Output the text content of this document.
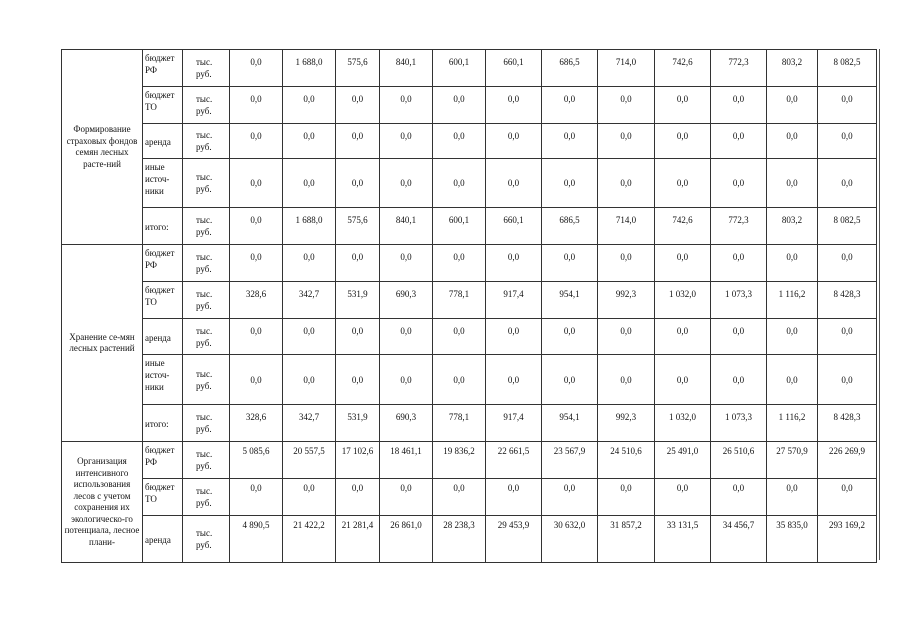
Формирование страховых фондов семян лесных расте-ний	бюджет РФ	тыс. руб.	0,0	1 688,0	575,6	840,1	600,1	660,1	686,5	714,0	742,6	772,3	803,2	8 082,5
	бюджет ТО	тыс. руб.	0,0	0,0	0,0	0,0	0,0	0,0	0,0	0,0	0,0	0,0	0,0	0,0
	аренда	тыс. руб.	0,0	0,0	0,0	0,0	0,0	0,0	0,0	0,0	0,0	0,0	0,0	0,0
	иные источ-ники	тыс. руб.	0,0	0,0	0,0	0,0	0,0	0,0	0,0	0,0	0,0	0,0	0,0	0,0
	итого:	тыс. руб.	0,0	1 688,0	575,6	840,1	600,1	660,1	686,5	714,0	742,6	772,3	803,2	8 082,5
Хранение се-мян лесных растений	бюджет РФ	тыс. руб.	0,0	0,0	0,0	0,0	0,0	0,0	0,0	0,0	0,0	0,0	0,0	0,0
	бюджет ТО	тыс. руб.	328,6	342,7	531,9	690,3	778,1	917,4	954,1	992,3	1 032,0	1 073,3	1 116,2	8 428,3
	аренда	тыс. руб.	0,0	0,0	0,0	0,0	0,0	0,0	0,0	0,0	0,0	0,0	0,0	0,0
	иные источ-ники	тыс. руб.	0,0	0,0	0,0	0,0	0,0	0,0	0,0	0,0	0,0	0,0	0,0	0,0
	итого:	тыс. руб.	328,6	342,7	531,9	690,3	778,1	917,4	954,1	992,3	1 032,0	1 073,3	1 116,2	8 428,3
Организация интенсивного использования лесов с учетом сохранения их экологическо-го потенциала, лесное плани-	бюджет РФ	тыс. руб.	5 085,6	20 557,5	17 102,6	18 461,1	19 836,2	22 661,5	23 567,9	24 510,6	25 491,0	26 510,6	27 570,9	226 269,9
	бюджет ТО	тыс. руб.	0,0	0,0	0,0	0,0	0,0	0,0	0,0	0,0	0,0	0,0	0,0	0,0
	аренда	тыс. руб.	4 890,5	21 422,2	21 281,4	26 861,0	28 238,3	29 453,9	30 632,0	31 857,2	33 131,5	34 456,7	35 835,0	293 169,2
